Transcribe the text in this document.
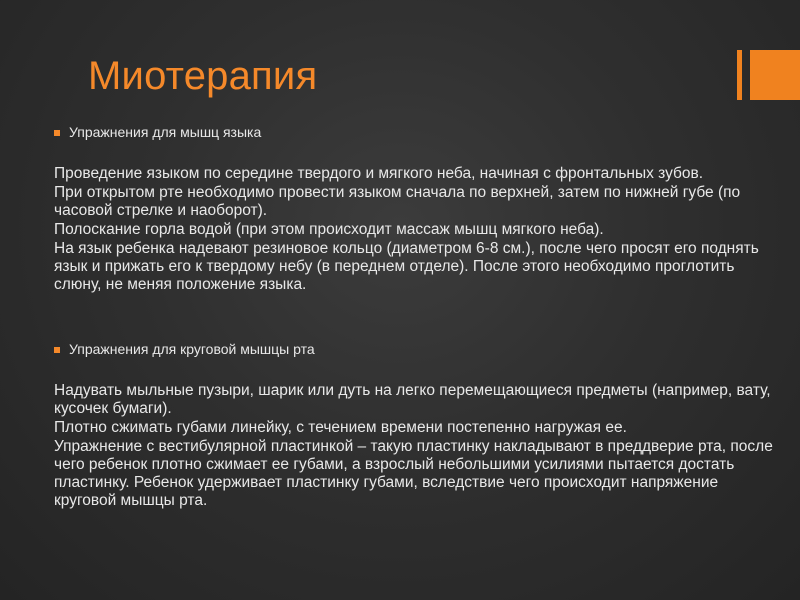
Миотерапия
Упражнения для мышц языка

Проведение языком по середине твердого и мягкого неба, начиная с фронтальных зубов.

При открытом рте необходимо провести языком сначала по верхней, затем по нижней губе (по часовой стрелке и наоборот).

Полоскание горла водой (при этом происходит массаж мышц мягкого неба).

На язык ребенка надевают резиновое кольцо (диаметром 6-8 см.), после чего просят его поднять язык и прижать его к твердому небу (в переднем отделе). После этого необходимо проглотить слюну, не меняя положение языка.

Упражнения для круговой мышцы рта

Надувать мыльные пузыри, шарик или дуть на легко перемещающиеся предметы (например, вату, кусочек бумаги).

Плотно сжимать губами линейку, с течением времени постепенно нагружая ее.

Упражнение с вестибулярной пластинкой – такую пластинку накладывают в преддверие рта, после чего ребенок плотно сжимает ее губами, а взрослый небольшими усилиями пытается достать пластинку. Ребенок удерживает пластинку губами, вследствие чего происходит напряжение круговой мышцы рта.
